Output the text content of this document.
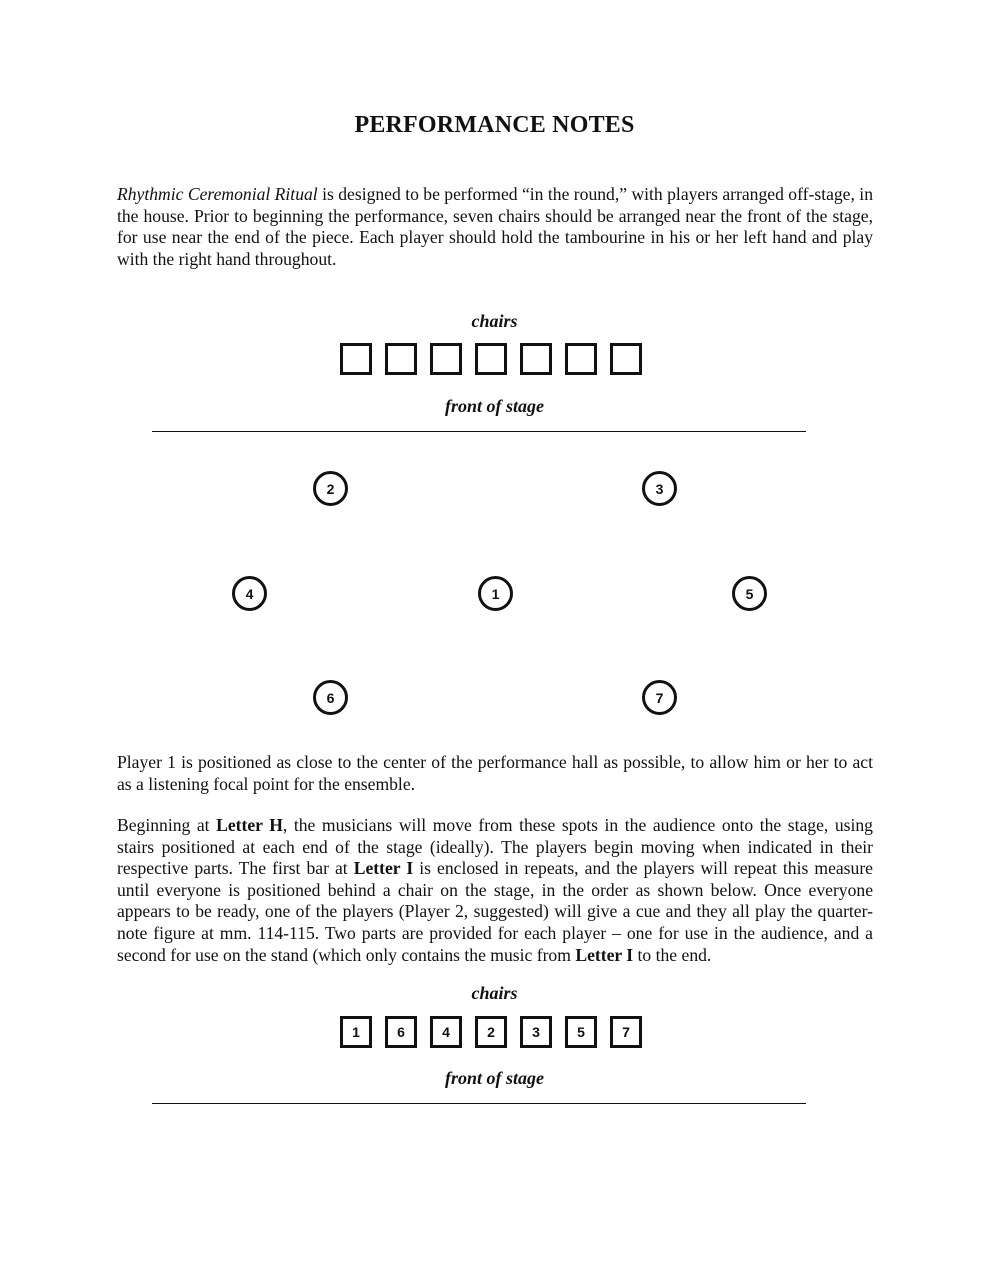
PERFORMANCE NOTES

Rhythmic Ceremonial Ritual is designed to be performed “in the round,” with players arranged off-stage, in the house. Prior to beginning the performance, seven chairs should be arranged near the front of the stage, for use near the end of the piece. Each player should hold the tambourine in his or her left hand and play with the right hand throughout.

chairs
front of stage
2	3
4	1	5
6	7

Player 1 is positioned as close to the center of the performance hall as possible, to allow him or her to act as a listening focal point for the ensemble.

Beginning at Letter H, the musicians will move from these spots in the audience onto the stage, using stairs positioned at each end of the stage (ideally). The players begin moving when indicated in their respective parts. The first bar at Letter I is enclosed in repeats, and the players will repeat this measure until everyone is positioned behind a chair on the stage, in the order as shown below. Once everyone appears to be ready, one of the players (Player 2, suggested) will give a cue and they all play the quarter-note figure at mm. 114-115. Two parts are provided for each player – one for use in the audience, and a second for use on the stand (which only contains the music from Letter I to the end.

chairs
1	6	4	2	3	5	7
front of stage
